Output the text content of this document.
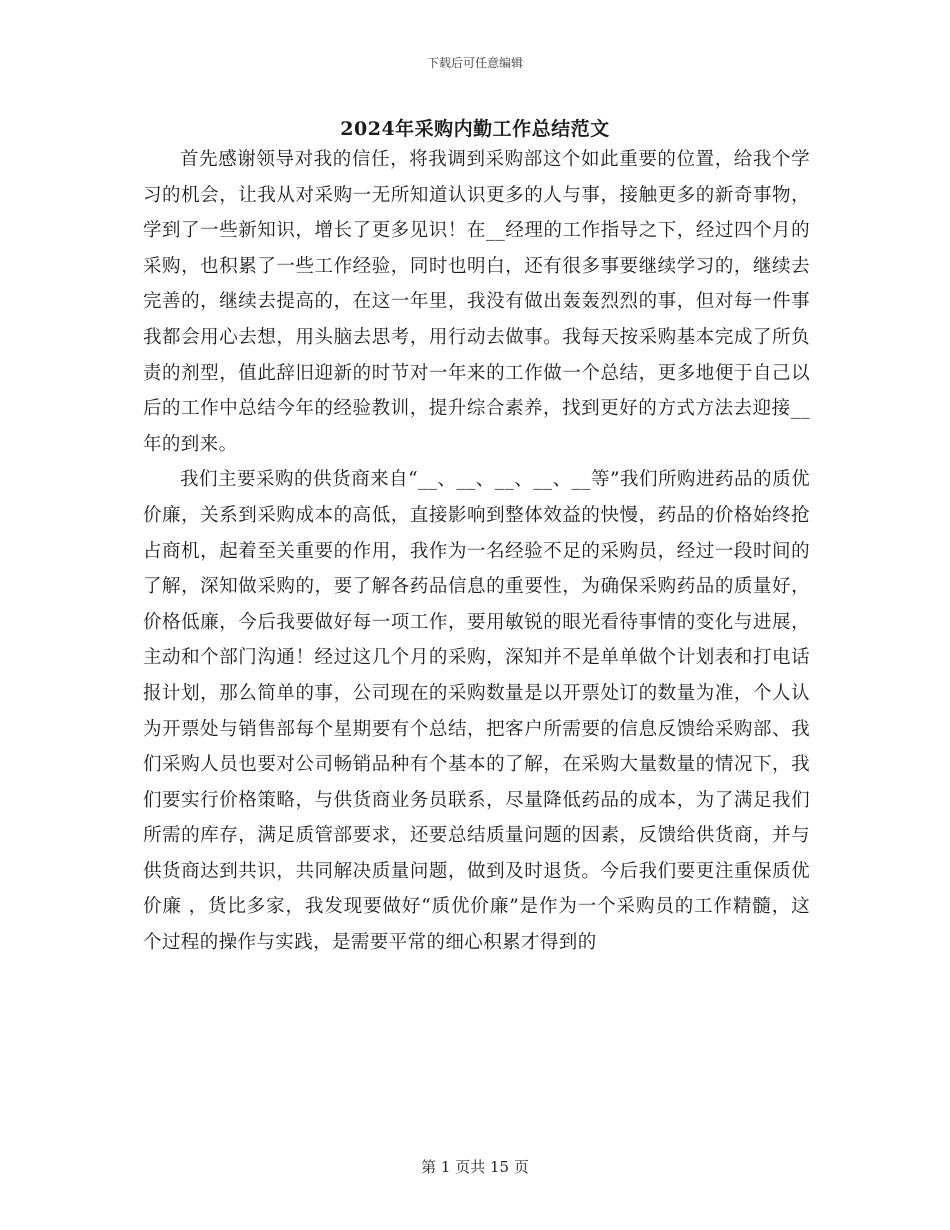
下载后可任意编辑
2024年采购内勤工作总结范文

首先感谢领导对我的信任，将我调到采购部这个如此重要的位置，给我个学习的机会，让我从对采购一无所知道认识更多的人与事，接触更多的新奇事物，学到了一些新知识，增长了更多见识！在__经理的工作指导之下，经过四个月的采购，也积累了一些工作经验，同时也明白，还有很多事要继续学习的，继续去完善的，继续去提高的，在这一年里，我没有做出轰轰烈烈的事，但对每一件事我都会用心去想，用头脑去思考，用行动去做事。我每天按采购基本完成了所负责的剂型，值此辞旧迎新的时节对一年来的工作做一个总结，更多地便于自己以后的工作中总结今年的经验教训，提升综合素养，找到更好的方式方法去迎接__年的到来。

我们主要采购的供货商来自“__、__、__、__、__等”我们所购进药品的质优价廉，关系到采购成本的高低，直接影响到整体效益的快慢，药品的价格始终抢占商机，起着至关重要的作用，我作为一名经验不足的采购员，经过一段时间的了解，深知做采购的，要了解各药品信息的重要性，为确保采购药品的质量好，价格低廉，今后我要做好每一项工作，要用敏锐的眼光看待事情的变化与进展，主动和个部门沟通！经过这几个月的采购，深知并不是单单做个计划表和打电话报计划，那么简单的事，公司现在的采购数量是以开票处订的数量为准，个人认为开票处与销售部每个星期要有个总结，把客户所需要的信息反馈给采购部、我们采购人员也要对公司畅销品种有个基本的了解，在采购大量数量的情况下，我们要实行价格策略，与供货商业务员联系，尽量降低药品的成本，为了满足我们所需的库存，满足质管部要求，还要总结质量问题的因素，反馈给供货商，并与供货商达到共识，共同解决质量问题，做到及时退货。今后我们要更注重保质优价廉 ，货比多家，我发现要做好“质优价廉”是作为一个采购员的工作精髓，这个过程的操作与实践，是需要平常的细心积累才得到的

第 1 页共 15 页
